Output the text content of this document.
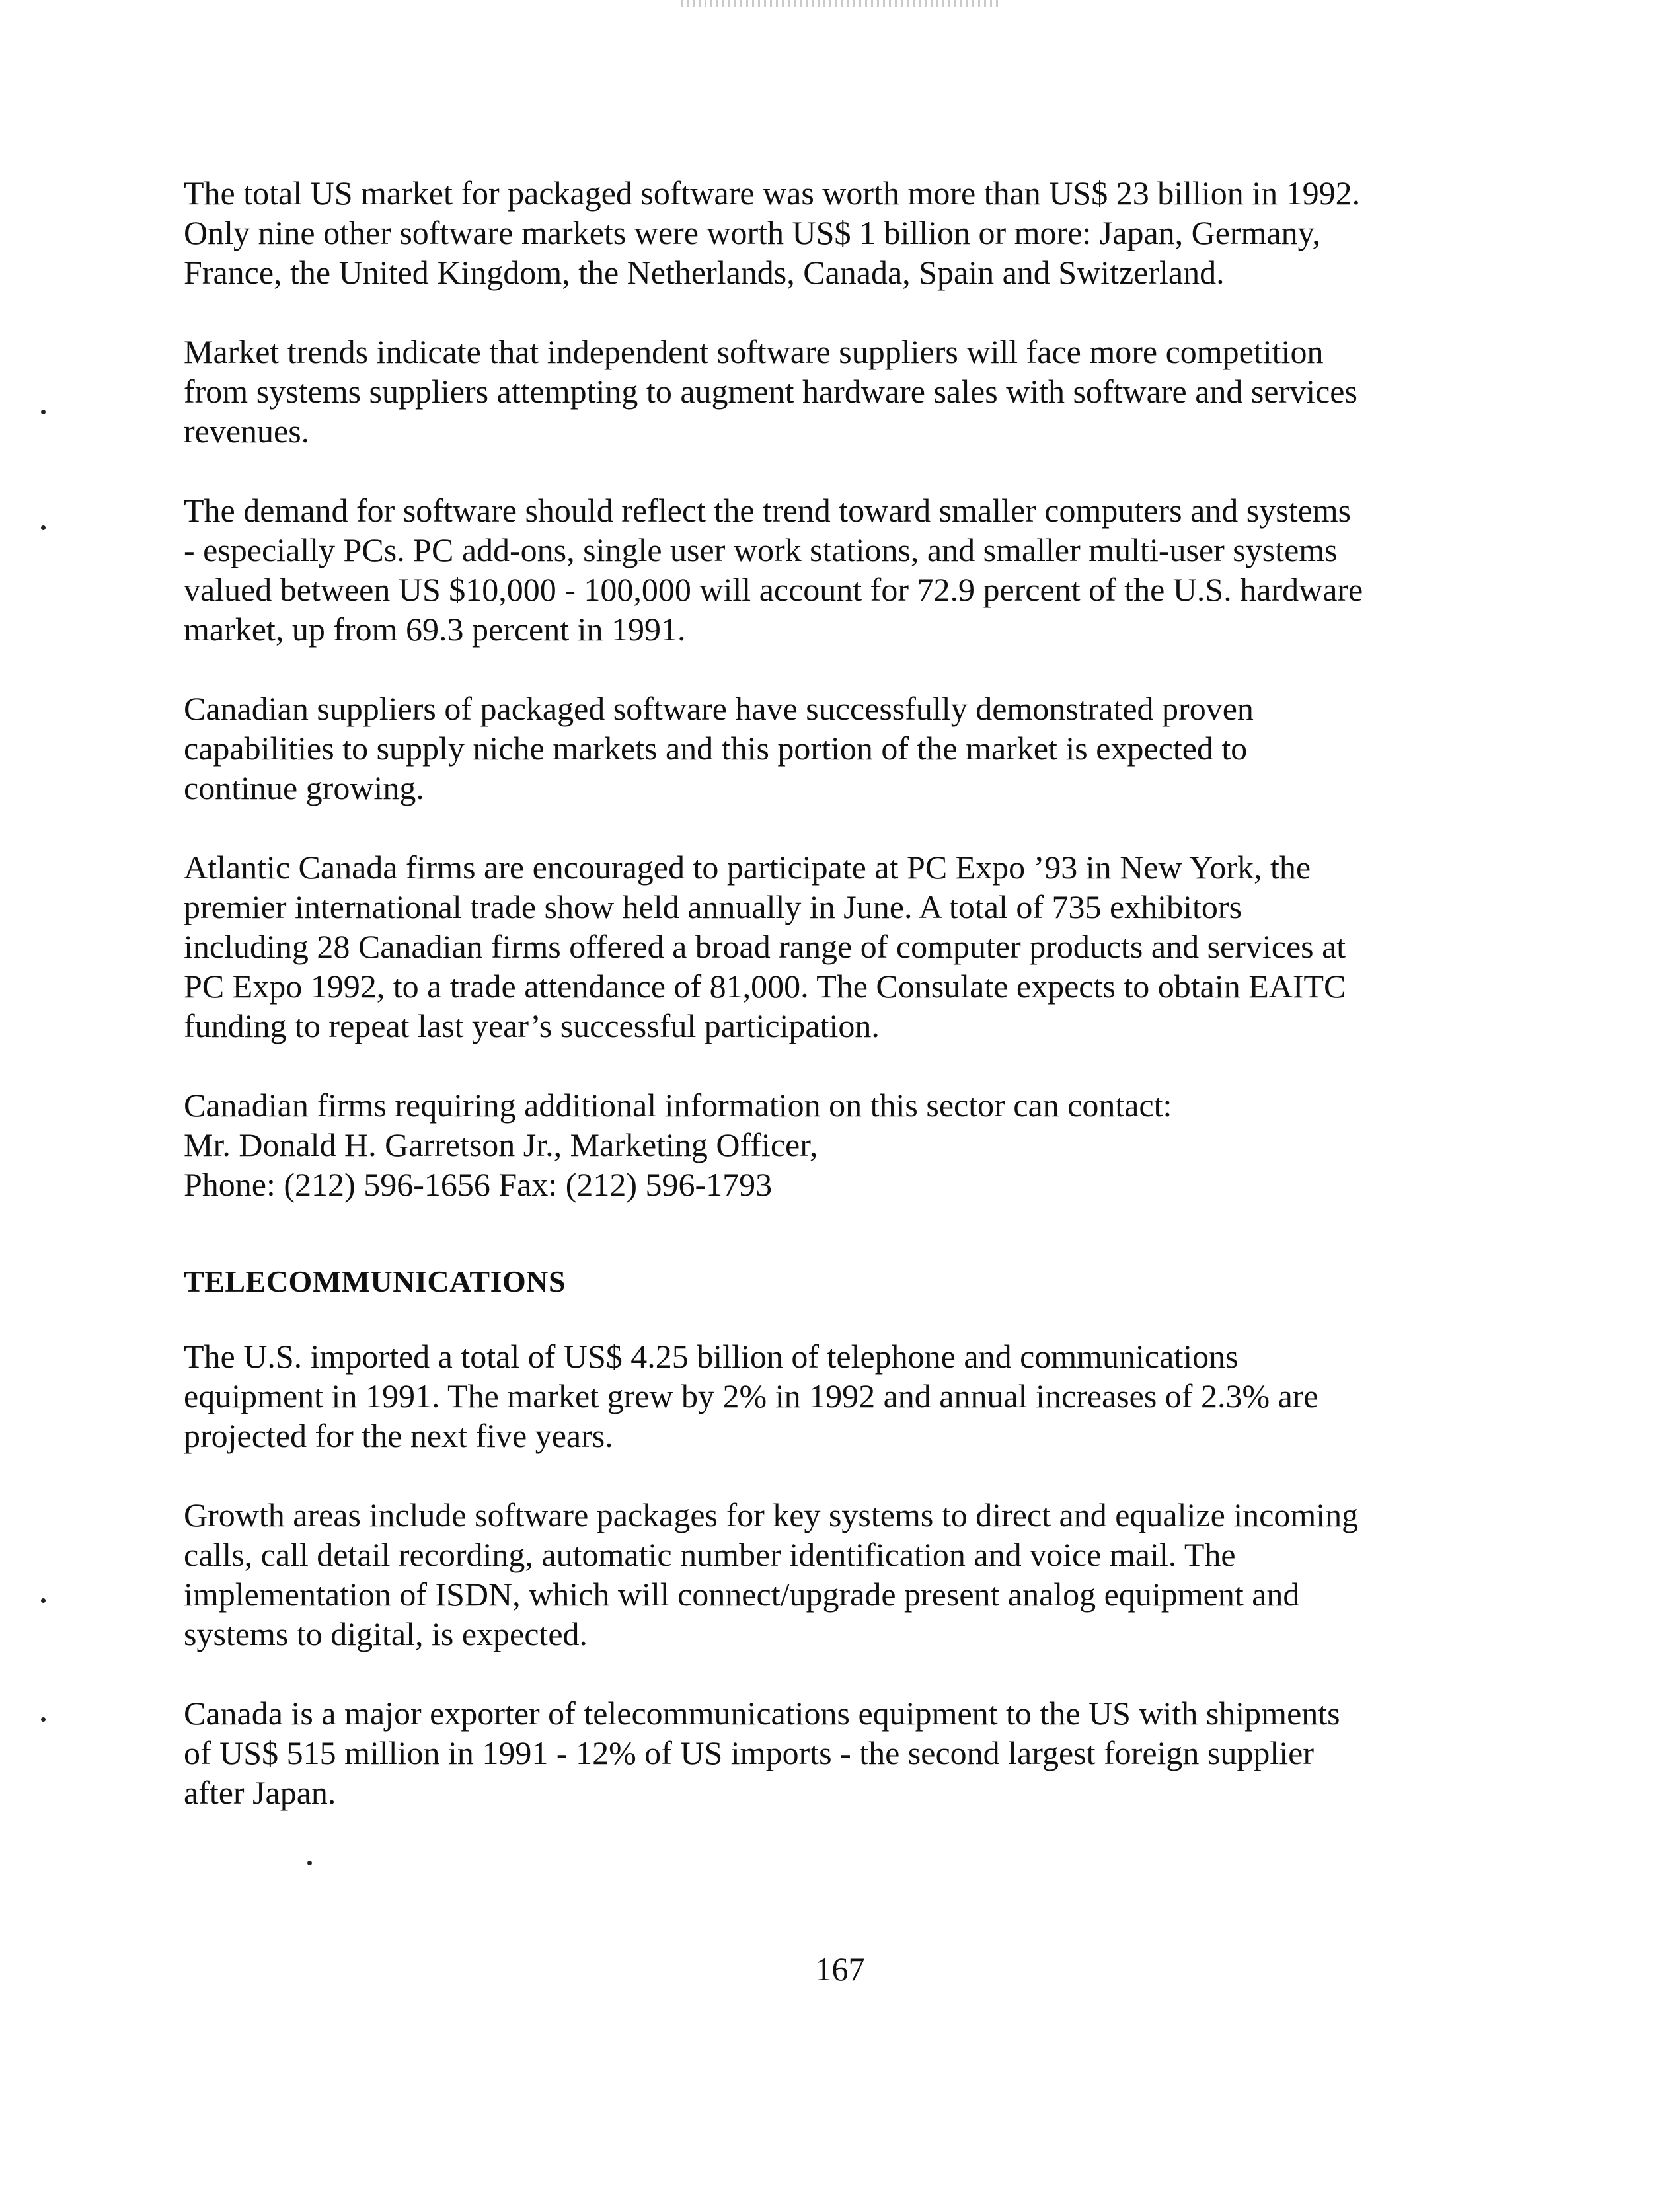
The total US market for packaged software was worth more than US$ 23 billion in 1992.
Only nine other software markets were worth US$ 1 billion or more: Japan, Germany,
France, the United Kingdom, the Netherlands, Canada, Spain and Switzerland.

Market trends indicate that independent software suppliers will face more competition
from systems suppliers attempting to augment hardware sales with software and services
revenues.

The demand for software should reflect the trend toward smaller computers and systems
- especially PCs. PC add-ons, single user work stations, and smaller multi-user systems
valued between US $10,000 - 100,000 will account for 72.9 percent of the U.S. hardware
market, up from 69.3 percent in 1991.

Canadian suppliers of packaged software have successfully demonstrated proven
capabilities to supply niche markets and this portion of the market is expected to
continue growing.

Atlantic Canada firms are encouraged to participate at PC Expo ’93 in New York, the
premier international trade show held annually in June. A total of 735 exhibitors
including 28 Canadian firms offered a broad range of computer products and services at
PC Expo 1992, to a trade attendance of 81,000. The Consulate expects to obtain EAITC
funding to repeat last year’s successful participation.

Canadian firms requiring additional information on this sector can contact:
Mr. Donald H. Garretson Jr., Marketing Officer,
Phone: (212) 596-1656 Fax: (212) 596-1793

TELECOMMUNICATIONS

The U.S. imported a total of US$ 4.25 billion of telephone and communications
equipment in 1991. The market grew by 2% in 1992 and annual increases of 2.3% are
projected for the next five years.

Growth areas include software packages for key systems to direct and equalize incoming
calls, call detail recording, automatic number identification and voice mail. The
implementation of ISDN, which will connect/upgrade present analog equipment and
systems to digital, is expected.

Canada is a major exporter of telecommunications equipment to the US with shipments
of US$ 515 million in 1991 - 12% of US imports - the second largest foreign supplier
after Japan.

167
